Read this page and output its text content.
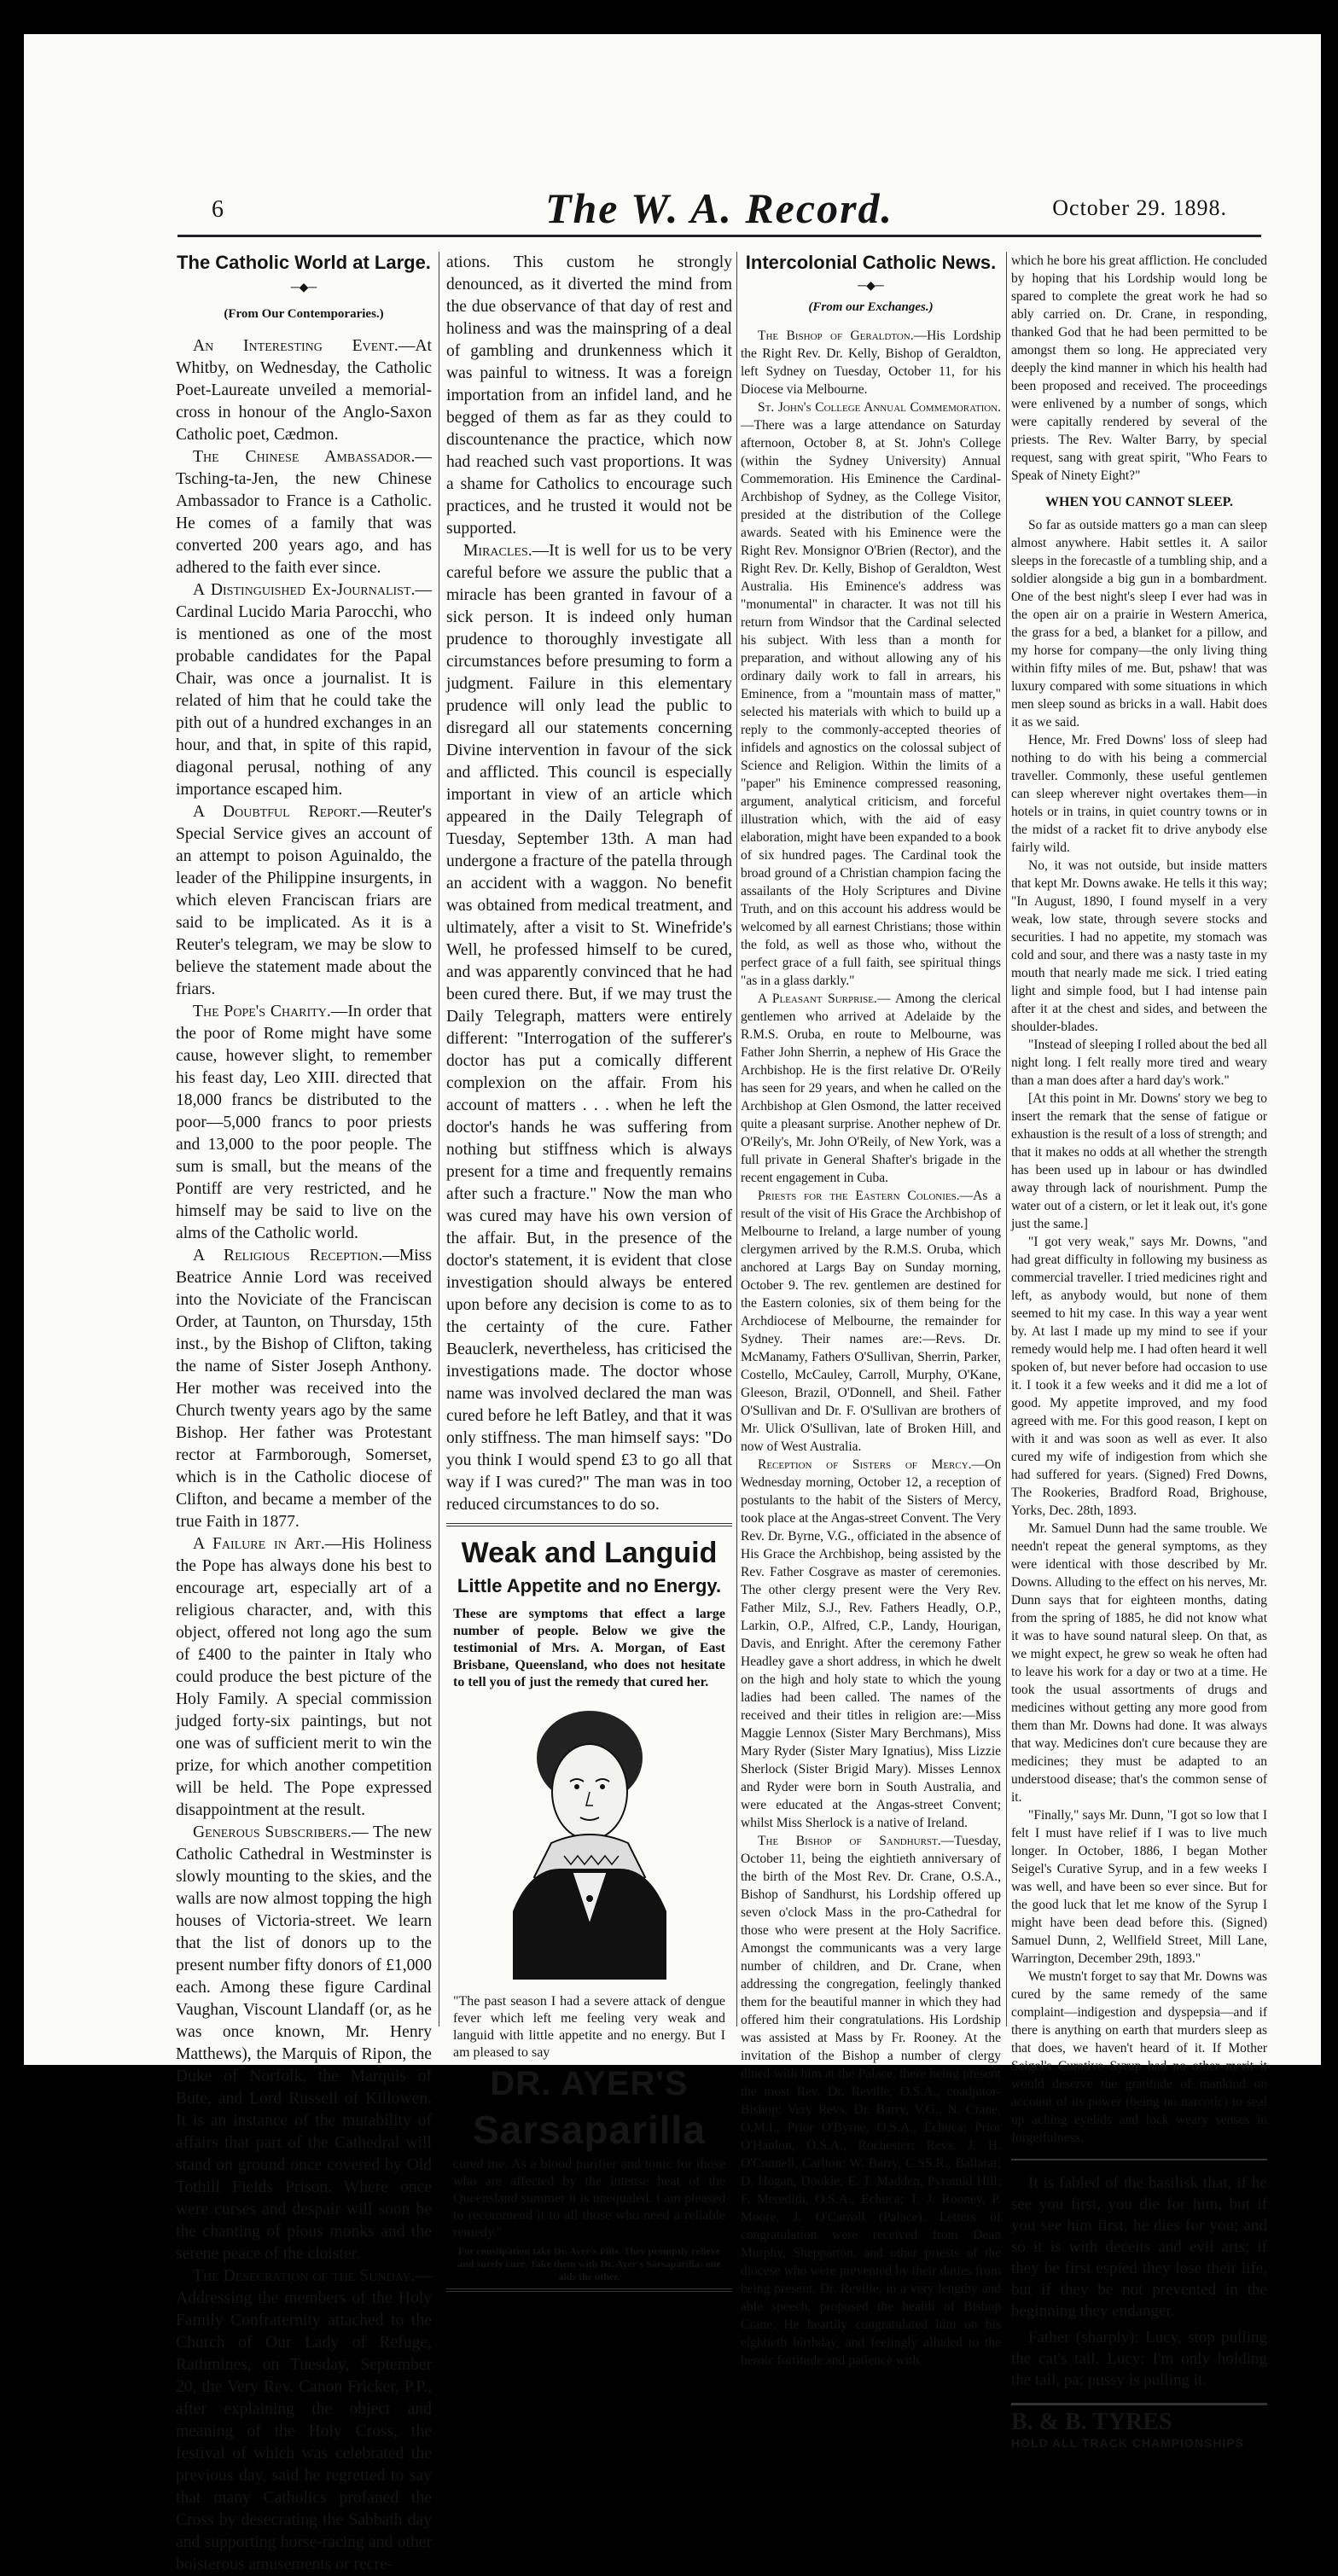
6	The W. A. Record.	October 29. 1898.
The Catholic World at Large.
─◆─
(From Our Contemporaries.)

An Interesting Event.—At Whitby, on Wednesday, the Catholic Poet-Laureate unveiled a memorial-cross in honour of the Anglo-Saxon Catholic poet, Cædmon.

The Chinese Ambassador.—Tsching-ta-Jen, the new Chinese Ambassador to France is a Catholic. He comes of a family that was converted 200 years ago, and has adhered to the faith ever since.

A Distinguished Ex-Journalist.—Cardinal Lucido Maria Parocchi, who is mentioned as one of the most probable candidates for the Papal Chair, was once a journalist. It is related of him that he could take the pith out of a hundred exchanges in an hour, and that, in spite of this rapid, diagonal perusal, nothing of any importance escaped him.

A Doubtful Report.—Reuter's Special Service gives an account of an attempt to poison Aguinaldo, the leader of the Philippine insurgents, in which eleven Franciscan friars are said to be implicated. As it is a Reuter's telegram, we may be slow to believe the statement made about the friars.

The Pope's Charity.—In order that the poor of Rome might have some cause, however slight, to remember his feast day, Leo XIII. directed that 18,000 francs be distributed to the poor—5,000 francs to poor priests and 13,000 to the poor people. The sum is small, but the means of the Pontiff are very restricted, and he himself may be said to live on the alms of the Catholic world.

A Religious Reception.—Miss Beatrice Annie Lord was received into the Noviciate of the Franciscan Order, at Taunton, on Thursday, 15th inst., by the Bishop of Clifton, taking the name of Sister Joseph Anthony. Her mother was received into the Church twenty years ago by the same Bishop. Her father was Protestant rector at Farmborough, Somerset, which is in the Catholic diocese of Clifton, and became a member of the true Faith in 1877.

A Failure in Art.—His Holiness the Pope has always done his best to encourage art, especially art of a religious character, and, with this object, offered not long ago the sum of £400 to the painter in Italy who could produce the best picture of the Holy Family. A special commission judged forty-six paintings, but not one was of sufficient merit to win the prize, for which another competition will be held. The Pope expressed disappointment at the result.

Generous Subscribers.— The new Catholic Cathedral in Westminster is slowly mounting to the skies, and the walls are now almost topping the high houses of Victoria-street. We learn that the list of donors up to the present number fifty donors of £1,000 each. Among these figure Cardinal Vaughan, Viscount Llandaff (or, as he was once known, Mr. Henry Matthews), the Marquis of Ripon, the Duke of Norfolk, the Marquis of Bute, and Lord Russell of Killowen. It is an instance of the mutability of affairs that part of the Cathedral will stand on ground once covered by Old Tothill Fields Prison. Where once were curses and despair will soon be the chanting of pious monks and the serene peace of the cloister.

The Desecration of the Sunday.—Addressing the members of the Holy Family Confraternity attached to the Church of Our Lady of Refuge, Rathmines, on Tuesday, September 20, the Very Rev. Canon Fricker, P.P., after explaining the object and meaning of the Holy Cross, the festival of which was celebrated the previous day, said he regretted to say that many Catholics profaned the Cross by desecrating the Sabbath day and supporting horse-racing and other boisterous amusements or recre-

ations. This custom he strongly denounced, as it diverted the mind from the due observance of that day of rest and holiness and was the mainspring of a deal of gambling and drunkenness which it was painful to witness. It was a foreign importation from an infidel land, and he begged of them as far as they could to discountenance the practice, which now had reached such vast proportions. It was a shame for Catholics to encourage such practices, and he trusted it would not be supported.

Miracles.—It is well for us to be very careful before we assure the public that a miracle has been granted in favour of a sick person. It is indeed only human prudence to thoroughly investigate all circumstances before presuming to form a judgment. Failure in this elementary prudence will only lead the public to disregard all our statements concerning Divine intervention in favour of the sick and afflicted. This council is especially important in view of an article which appeared in the Daily Telegraph of Tuesday, September 13th. A man had undergone a fracture of the patella through an accident with a waggon. No benefit was obtained from medical treatment, and ultimately, after a visit to St. Winefride's Well, he professed himself to be cured, and was apparently convinced that he had been cured there. But, if we may trust the Daily Telegraph, matters were entirely different: "Interrogation of the sufferer's doctor has put a comically different complexion on the affair. From his account of matters . . . when he left the doctor's hands he was suffering from nothing but stiffness which is always present for a time and frequently remains after such a fracture." Now the man who was cured may have his own version of the affair. But, in the presence of the doctor's statement, it is evident that close investigation should always be entered upon before any decision is come to as to the certainty of the cure. Father Beauclerk, nevertheless, has criticised the investigations made. The doctor whose name was involved declared the man was cured before he left Batley, and that it was only stiffness. The man himself says: "Do you think I would spend £3 to go all that way if I was cured?" The man was in too reduced circumstances to do so.

Weak and Languid
Little Appetite and no Energy.
These are symptoms that effect a large number of people. Below we give the testimonial of Mrs. A. Morgan, of East Brisbane, Queensland, who does not hesitate to tell you of just the remedy that cured her.
"The past season I had a severe attack of dengue fever which left me feeling very weak and languid with little appetite and no energy. But I am pleased to say
DR. AYER'S
Sarsaparilla
cured me. As a blood purifier and tonic for those who are affected by the intense heat of the Queensland summer it is unequaled. I am pleased to recommend it to all those who need a reliable remedy."
For constipation take Dr. Ayer's Pills. They promptly relieve and surely cure. Take them with Dr. Ayer's Sarsaparilla: one aids the other.
Intercolonial Catholic News.
─◆─
(From our Exchanges.)

The Bishop of Geraldton.—His Lordship the Right Rev. Dr. Kelly, Bishop of Geraldton, left Sydney on Tuesday, October 11, for his Diocese via Melbourne.

St. John's College Annual Commemoration.—There was a large attendance on Saturday afternoon, October 8, at St. John's College (within the Sydney University) Annual Commemoration. His Eminence the Cardinal-Archbishop of Sydney, as the College Visitor, presided at the distribution of the College awards. Seated with his Eminence were the Right Rev. Monsignor O'Brien (Rector), and the Right Rev. Dr. Kelly, Bishop of Geraldton, West Australia. His Eminence's address was "monumental" in character. It was not till his return from Windsor that the Cardinal selected his subject. With less than a month for preparation, and without allowing any of his ordinary daily work to fall in arrears, his Eminence, from a "mountain mass of matter," selected his materials with which to build up a reply to the commonly-accepted theories of infidels and agnostics on the colossal subject of Science and Religion. Within the limits of a "paper" his Eminence compressed reasoning, argument, analytical criticism, and forceful illustration which, with the aid of easy elaboration, might have been expanded to a book of six hundred pages. The Cardinal took the broad ground of a Christian champion facing the assailants of the Holy Scriptures and Divine Truth, and on this account his address would be welcomed by all earnest Christians; those within the fold, as well as those who, without the perfect grace of a full faith, see spiritual things "as in a glass darkly."

A Pleasant Surprise.— Among the clerical gentlemen who arrived at Adelaide by the R.M.S. Oruba, en route to Melbourne, was Father John Sherrin, a nephew of His Grace the Archbishop. He is the first relative Dr. O'Reily has seen for 29 years, and when he called on the Archbishop at Glen Osmond, the latter received quite a pleasant surprise. Another nephew of Dr. O'Reily's, Mr. John O'Reily, of New York, was a full private in General Shafter's brigade in the recent engagement in Cuba.

Priests for the Eastern Colonies.—As a result of the visit of His Grace the Archbishop of Melbourne to Ireland, a large number of young clergymen arrived by the R.M.S. Oruba, which anchored at Largs Bay on Sunday morning, October 9. The rev. gentlemen are destined for the Eastern colonies, six of them being for the Archdiocese of Melbourne, the remainder for Sydney. Their names are:—Revs. Dr. McManamy, Fathers O'Sullivan, Sherrin, Parker, Costello, McCauley, Carroll, Murphy, O'Kane, Gleeson, Brazil, O'Donnell, and Sheil. Father O'Sullivan and Dr. F. O'Sullivan are brothers of Mr. Ulick O'Sullivan, late of Broken Hill, and now of West Australia.

Reception of Sisters of Mercy.—On Wednesday morning, October 12, a reception of postulants to the habit of the Sisters of Mercy, took place at the Angas-street Convent. The Very Rev. Dr. Byrne, V.G., officiated in the absence of His Grace the Archbishop, being assisted by the Rev. Father Cosgrave as master of ceremonies. The other clergy present were the Very Rev. Father Milz, S.J., Rev. Fathers Headly, O.P., Larkin, O.P., Alfred, C.P., Landy, Hourigan, Davis, and Enright. After the ceremony Father Headley gave a short address, in which he dwelt on the high and holy state to which the young ladies had been called. The names of the received and their titles in religion are:—Miss Maggie Lennox (Sister Mary Berchmans), Miss Mary Ryder (Sister Mary Ignatius), Miss Lizzie Sherlock (Sister Brigid Mary). Misses Lennox and Ryder were born in South Australia, and were educated at the Angas-street Convent; whilst Miss Sherlock is a native of Ireland.

The Bishop of Sandhurst.—Tuesday, October 11, being the eightieth anniversary of the birth of the Most Rev. Dr. Crane, O.S.A., Bishop of Sandhurst, his Lordship offered up seven o'clock Mass in the pro-Cathedral for those who were present at the Holy Sacrifice. Amongst the communicants was a very large number of children, and Dr. Crane, when addressing the congregation, feelingly thanked them for the beautiful manner in which they had offered him their congratulations. His Lordship was assisted at Mass by Fr. Rooney. At the invitation of the Bishop a number of clergy dined with him at the Palace, there being present the most Rev. Dr. Reville, O.S.A., coadjutor-Bishop; Very Revs. Dr. Barry, V.G., N. Crane, O.M.I., Prior O'Byrne, O.S.A., Echuca; Prior O'Hanlon, O.S.A., Rochester; Revs. J. H. O'Connell, Carlton; W. Barry, C.SS.R., Ballarat; D. Hogan, Dookie; E. J. Madden, Pyramid Hill; F. Meredith, O.S.A., Echuca; T. J. Rooney, P. Moore, J. O'Carroll (Palace). Letters of congratulation were received from Dean Murphy, Shepparton, and other priests of the diocese who were prevented by their duties from being present. Dr. Reville, in a very lengthy and able speech, proposed the health of Bishop Crane. He heartily congratulated him on his eightieth birthday, and feelingly alluded to the heroic fortitude and patience with

which he bore his great affliction. He concluded by hoping that his Lordship would long be spared to complete the great work he had so ably carried on. Dr. Crane, in responding, thanked God that he had been permitted to be amongst them so long. He appreciated very deeply the kind manner in which his health had been proposed and received. The proceedings were enlivened by a number of songs, which were capitally rendered by several of the priests. The Rev. Walter Barry, by special request, sang with great spirit, "Who Fears to Speak of Ninety Eight?"

WHEN YOU CANNOT SLEEP.

So far as outside matters go a man can sleep almost anywhere. Habit settles it. A sailor sleeps in the forecastle of a tumbling ship, and a soldier alongside a big gun in a bombardment. One of the best night's sleep I ever had was in the open air on a prairie in Western America, the grass for a bed, a blanket for a pillow, and my horse for company—the only living thing within fifty miles of me. But, pshaw! that was luxury compared with some situations in which men sleep sound as bricks in a wall. Habit does it as we said.

Hence, Mr. Fred Downs' loss of sleep had nothing to do with his being a commercial traveller. Commonly, these useful gentlemen can sleep wherever night overtakes them—in hotels or in trains, in quiet country towns or in the midst of a racket fit to drive anybody else fairly wild.

No, it was not outside, but inside matters that kept Mr. Downs awake. He tells it this way; "In August, 1890, I found myself in a very weak, low state, through severe stocks and securities. I had no appetite, my stomach was cold and sour, and there was a nasty taste in my mouth that nearly made me sick. I tried eating light and simple food, but I had intense pain after it at the chest and sides, and between the shoulder-blades.

"Instead of sleeping I rolled about the bed all night long. I felt really more tired and weary than a man does after a hard day's work."

[At this point in Mr. Downs' story we beg to insert the remark that the sense of fatigue or exhaustion is the result of a loss of strength; and that it makes no odds at all whether the strength has been used up in labour or has dwindled away through lack of nourishment. Pump the water out of a cistern, or let it leak out, it's gone just the same.]

"I got very weak," says Mr. Downs, "and had great difficulty in following my business as commercial traveller. I tried medicines right and left, as anybody would, but none of them seemed to hit my case. In this way a year went by. At last I made up my mind to see if your remedy would help me. I had often heard it well spoken of, but never before had occasion to use it. I took it a few weeks and it did me a lot of good. My appetite improved, and my food agreed with me. For this good reason, I kept on with it and was soon as well as ever. It also cured my wife of indigestion from which she had suffered for years. (Signed) Fred Downs, The Rookeries, Bradford Road, Brighouse, Yorks, Dec. 28th, 1893.

Mr. Samuel Dunn had the same trouble. We needn't repeat the general symptoms, as they were identical with those described by Mr. Downs. Alluding to the effect on his nerves, Mr. Dunn says that for eighteen months, dating from the spring of 1885, he did not know what it was to have sound natural sleep. On that, as we might expect, he grew so weak he often had to leave his work for a day or two at a time. He took the usual assortments of drugs and medicines without getting any more good from them than Mr. Downs had done. It was always that way. Medicines don't cure because they are medicines; they must be adapted to an understood disease; that's the common sense of it.

"Finally," says Mr. Dunn, "I got so low that I felt I must have relief if I was to live much longer. In October, 1886, I began Mother Seigel's Curative Syrup, and in a few weeks I was well, and have been so ever since. But for the good luck that let me know of the Syrup I might have been dead before this. (Signed) Samuel Dunn, 2, Wellfield Street, Mill Lane, Warrington, December 29th, 1893."

We mustn't forget to say that Mr. Downs was cured by the same remedy of the same complaint—indigestion and dyspepsia—and if there is anything on earth that murders sleep as that does, we haven't heard of it. If Mother Seigel's Curative Syrup had no other merit it would deserve the gratitude of mankind on account of its power (being no narcotic) to seal up aching eyelids and lock weary senses in forgetfulness.

It is fabled of the basilisk that, if he see you first, you die for him, but if you see him first, he dies for you; and so it is with deceits and evil arts; if they be first espied they lose their life, but if they be not prevented in the beginning they endanger.

Father (sharply): Lucy, stop pulling the cat's tail. Lucy: I'm only holding the tail, pa; pussy is pulling it.

B. & B. TYRES
HOLD ALL TRACK CHAMPIONSHIPS
